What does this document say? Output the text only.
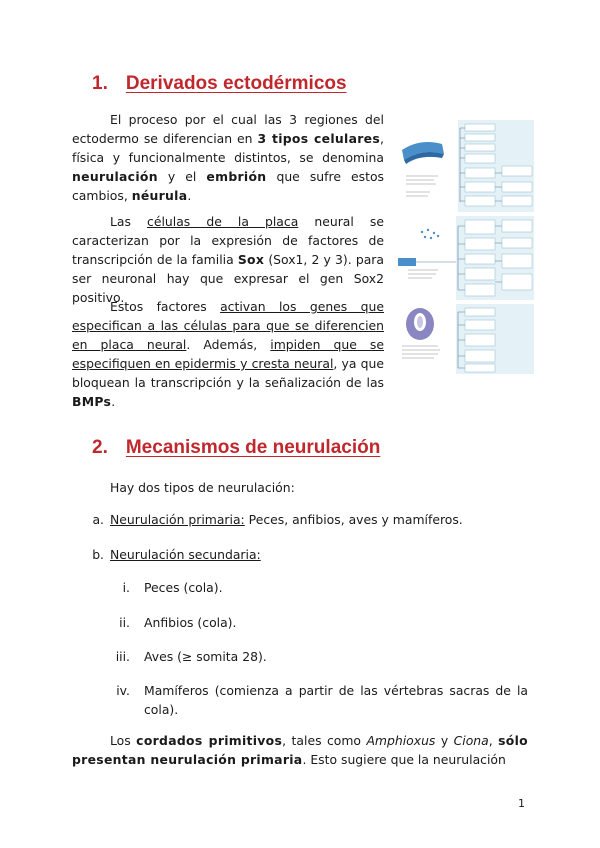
1. Derivados ectodérmicos

El proceso por el cual las 3 regiones del ectodermo se diferencian en 3 tipos celulares, física y funcionalmente distintos, se denomina neurulación y el embrión que sufre estos cambios, néurula.

Las células de la placa neural se caracterizan por la expresión de factores de transcripción de la familia Sox (Sox1, 2 y 3). para ser neuronal hay que expresar el gen Sox2 positivo.

Estos factores activan los genes que especifican a las células para que se diferencien en placa neural. Además, impiden que se especifiquen en epidermis y cresta neural, ya que bloquean la transcripción y la señalización de las BMPs.

2. Mecanismos de neurulación

Hay dos tipos de neurulación:

a. Neurulación primaria: Peces, anfibios, aves y mamíferos.

b. Neurulación secundaria:

i. Peces (cola).

ii. Anfibios (cola).

iii. Aves (≥ somita 28).

iv. Mamíferos (comienza a partir de las vértebras sacras de la cola).

Los cordados primitivos, tales como Amphioxus y Ciona, sólo presentan neurulación primaria. Esto sugiere que la neurulación

1
